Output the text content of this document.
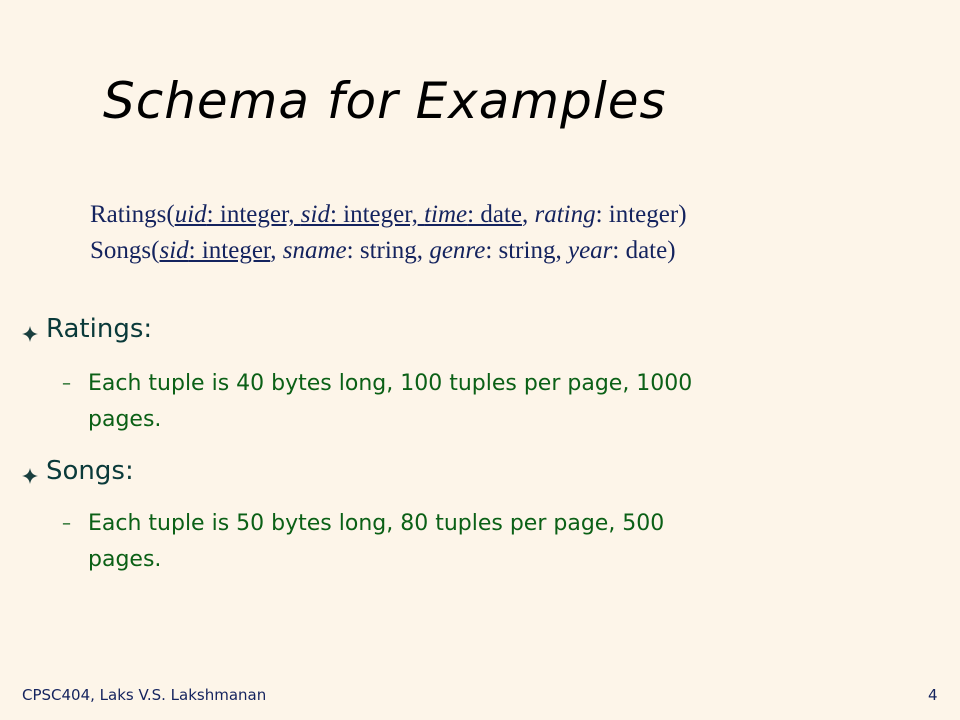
Schema for Examples
Ratings(uid: integer, sid: integer, time: date, rating: integer)
Songs(sid: integer, sname: string, genre: string, year: date)
Ratings:
– Each tuple is 40 bytes long, 100 tuples per page, 1000
pages.
Songs:
– Each tuple is 50 bytes long, 80 tuples per page, 500
pages.
CPSC404, Laks V.S. Lakshmanan	4
